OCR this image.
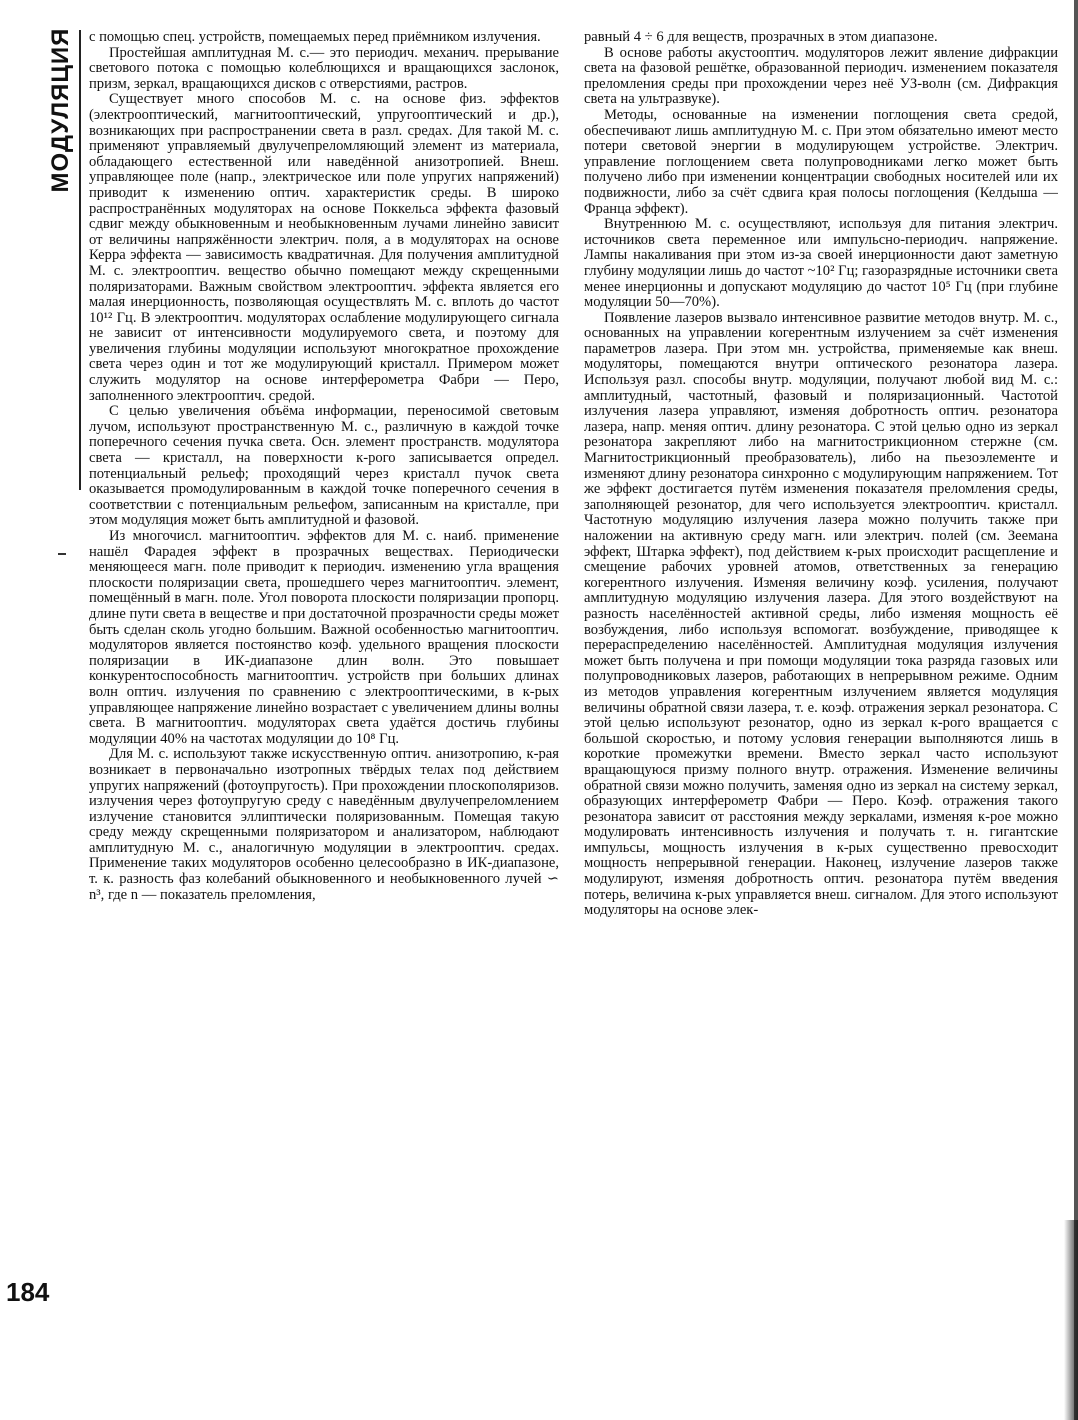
МОДУЛЯЦИЯ
184

с помощью спец. устройств, помещаемых перед приёмником излучения.

Простейшая амплитудная М. с.— это периодич. механич. прерывание светового потока с помощью колеблющихся и вращающихся заслонок, призм, зеркал, вращающихся дисков с отверстиями, растров.

Существует много способов М. с. на основе физ. эффектов (электрооптический, магнитооптический, упругооптический и др.), возникающих при распространении света в разл. средах. Для такой М. с. применяют управляемый двулучепреломляющий элемент из материала, обладающего естественной или наведённой анизотропией. Внеш. управляющее поле (напр., электрическое или поле упругих напряжений) приводит к изменению оптич. характеристик среды. В широко распространённых модуляторах на основе Поккельса эффекта фазовый сдвиг между обыкновенным и необыкновенным лучами линейно зависит от величины напряжённости электрич. поля, а в модуляторах на основе Керра эффекта — зависимость квадратичная. Для получения амплитудной М. с. электрооптич. вещество обычно помещают между скрещенными поляризаторами. Важным свойством электрооптич. эффекта является его малая инерционность, позволяющая осуществлять М. с. вплоть до частот 10¹² Гц. В электрооптич. модуляторах ослабление модулирующего сигнала не зависит от интенсивности модулируемого света, и поэтому для увеличения глубины модуляции используют многократное прохождение света через один и тот же модулирующий кристалл. Примером может служить модулятор на основе интерферометра Фабри — Перо, заполненного электрооптич. средой.

С целью увеличения объёма информации, переносимой световым лучом, используют пространственную М. с., различную в каждой точке поперечного сечения пучка света. Осн. элемент пространств. модулятора света — кристалл, на поверхности к-рого записывается определ. потенциальный рельеф; проходящий через кристалл пучок света оказывается промодулированным в каждой точке поперечного сечения в соответствии с потенциальным рельефом, записанным на кристалле, при этом модуляция может быть амплитудной и фазовой.

Из многочисл. магнитооптич. эффектов для М. с. наиб. применение нашёл Фарадея эффект в прозрачных веществах. Периодически меняющееся магн. поле приводит к периодич. изменению угла вращения плоскости поляризации света, прошедшего через магнитооптич. элемент, помещённый в магн. поле. Угол поворота плоскости поляризации пропорц. длине пути света в веществе и при достаточной прозрачности среды может быть сделан сколь угодно большим. Важной особенностью магнитооптич. модуляторов является постоянство коэф. удельного вращения плоскости поляризации в ИК-диапазоне длин волн. Это повышает конкурентоспособность магнитооптич. устройств при больших длинах волн оптич. излучения по сравнению с электрооптическими, в к-рых управляющее напряжение линейно возрастает с увеличением длины волны света. В магнитооптич. модуляторах света удаётся достичь глубины модуляции 40% на частотах модуляции до 10⁸ Гц.

Для М. с. используют также искусственную оптич. анизотропию, к-рая возникает в первоначально изотропных твёрдых телах под действием упругих напряжений (фотоупругость). При прохождении плоскополяризов. излучения через фотоупругую среду с наведённым двулучепреломлением излучение становится эллиптически поляризованным. Помещая такую среду между скрещенными поляризатором и анализатором, наблюдают амплитудную М. с., аналогичную модуляции в электрооптич. средах. Применение таких модуляторов особенно целесообразно в ИК-диапазоне, т. к. разность фаз колебаний обыкновенного и необыкновенного лучей ∽ n³, где n — показатель преломления,

равный 4 ÷ 6 для веществ, прозрачных в этом диапазоне.

В основе работы акустооптич. модуляторов лежит явление дифракции света на фазовой решётке, образованной периодич. изменением показателя преломления среды при прохождении через неё УЗ-волн (см. Дифракция света на ультразвуке).

Методы, основанные на изменении поглощения света средой, обеспечивают лишь амплитудную М. с. При этом обязательно имеют место потери световой энергии в модулирующем устройстве. Электрич. управление поглощением света полупроводниками легко может быть получено либо при изменении концентрации свободных носителей или их подвижности, либо за счёт сдвига края полосы поглощения (Келдыша — Франца эффект).

Внутреннюю М. с. осуществляют, используя для питания электрич. источников света переменное или импульсно-периодич. напряжение. Лампы накаливания при этом из-за своей инерционности дают заметную глубину модуляции лишь до частот ~10² Гц; газоразрядные источники света менее инерционны и допускают модуляцию до частот 10⁵ Гц (при глубине модуляции 50—70%).

Появление лазеров вызвало интенсивное развитие методов внутр. М. с., основанных на управлении когерентным излучением за счёт изменения параметров лазера. При этом мн. устройства, применяемые как внеш. модуляторы, помещаются внутри оптического резонатора лазера. Используя разл. способы внутр. модуляции, получают любой вид М. с.: амплитудный, частотный, фазовый и поляризационный. Частотой излучения лазера управляют, изменяя добротность оптич. резонатора лазера, напр. меняя оптич. длину резонатора. С этой целью одно из зеркал резонатора закрепляют либо на магнитострикционном стержне (см. Магнитострикционный преобразователь), либо на пьезоэлементе и изменяют длину резонатора синхронно с модулирующим напряжением. Тот же эффект достигается путём изменения показателя преломления среды, заполняющей резонатор, для чего используется электрооптич. кристалл. Частотную модуляцию излучения лазера можно получить также при наложении на активную среду магн. или электрич. полей (см. Зеемана эффект, Штарка эффект), под действием к-рых происходит расщепление и смещение рабочих уровней атомов, ответственных за генерацию когерентного излучения. Изменяя величину коэф. усиления, получают амплитудную модуляцию излучения лазера. Для этого воздействуют на разность населённостей активной среды, либо изменяя мощность её возбуждения, либо используя вспомогат. возбуждение, приводящее к перераспределению населённостей. Амплитудная модуляция излучения может быть получена и при помощи модуляции тока разряда газовых или полупроводниковых лазеров, работающих в непрерывном режиме. Одним из методов управления когерентным излучением является модуляция величины обратной связи лазера, т. е. коэф. отражения зеркал резонатора. С этой целью используют резонатор, одно из зеркал к-рого вращается с большой скоростью, и потому условия генерации выполняются лишь в короткие промежутки времени. Вместо зеркал часто используют вращающуюся призму полного внутр. отражения. Изменение величины обратной связи можно получить, заменяя одно из зеркал на систему зеркал, образующих интерферометр Фабри — Перо. Коэф. отражения такого резонатора зависит от расстояния между зеркалами, изменяя к-рое можно модулировать интенсивность излучения и получать т. н. гигантские импульсы, мощность излучения в к-рых существенно превосходит мощность непрерывной генерации. Наконец, излучение лазеров также модулируют, изменяя добротность оптич. резонатора путём введения потерь, величина к-рых управляется внеш. сигналом. Для этого используют модуляторы на основе элек-
